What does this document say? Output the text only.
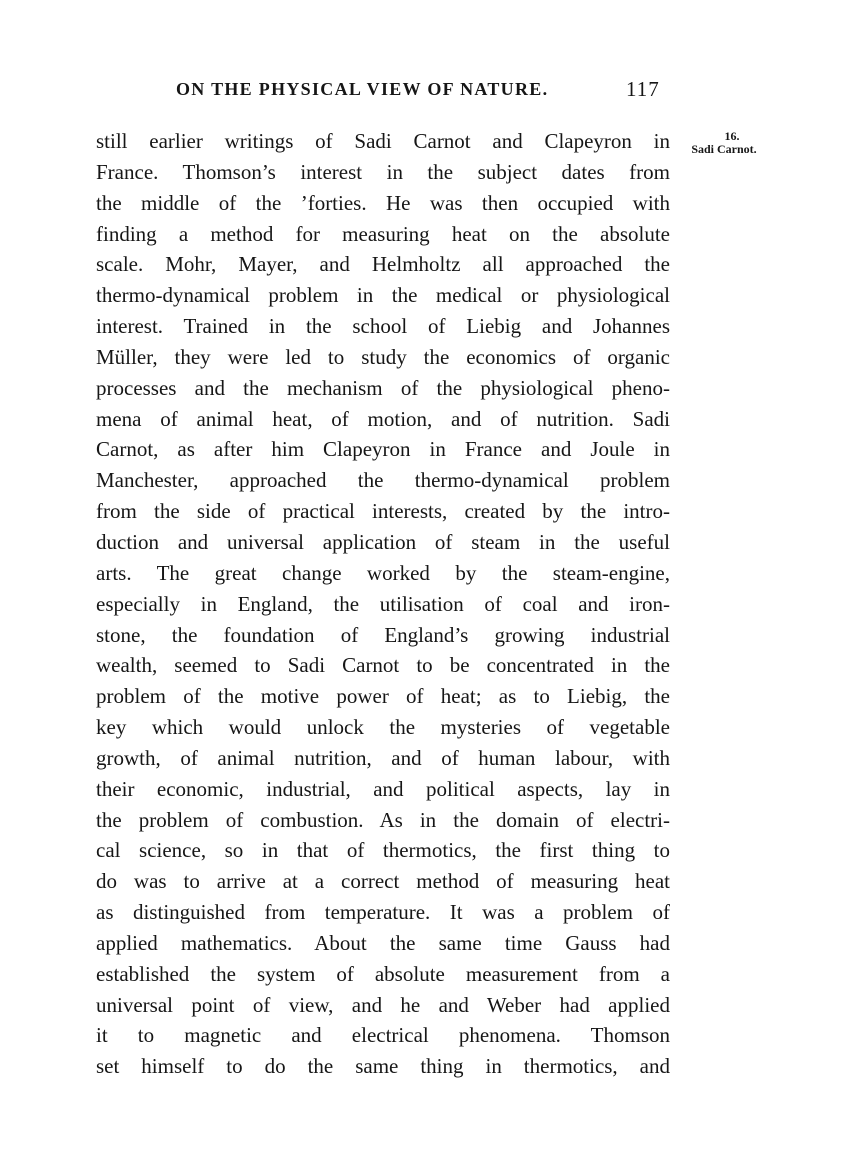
ON THE PHYSICAL VIEW OF NATURE.	117
16.
Sadi Carnot.
still earlier writings of Sadi Carnot and Clapeyron in
France. Thomson’s interest in the subject dates from
the middle of the ’forties. He was then occupied with
finding a method for measuring heat on the absolute
scale. Mohr, Mayer, and Helmholtz all approached the
thermo-dynamical problem in the medical or physiological
interest. Trained in the school of Liebig and Johannes
Müller, they were led to study the economics of organic
processes and the mechanism of the physiological pheno-
mena of animal heat, of motion, and of nutrition. Sadi
Carnot, as after him Clapeyron in France and Joule in
Manchester, approached the thermo-dynamical problem
from the side of practical interests, created by the intro-
duction and universal application of steam in the useful
arts. The great change worked by the steam-engine,
especially in England, the utilisation of coal and iron-
stone, the foundation of England’s growing industrial
wealth, seemed to Sadi Carnot to be concentrated in the
problem of the motive power of heat; as to Liebig, the
key which would unlock the mysteries of vegetable
growth, of animal nutrition, and of human labour, with
their economic, industrial, and political aspects, lay in
the problem of combustion. As in the domain of electri-
cal science, so in that of thermotics, the first thing to
do was to arrive at a correct method of measuring heat
as distinguished from temperature. It was a problem of
applied mathematics. About the same time Gauss had
established the system of absolute measurement from a
universal point of view, and he and Weber had applied
it to magnetic and electrical phenomena. Thomson
set himself to do the same thing in thermotics, and
